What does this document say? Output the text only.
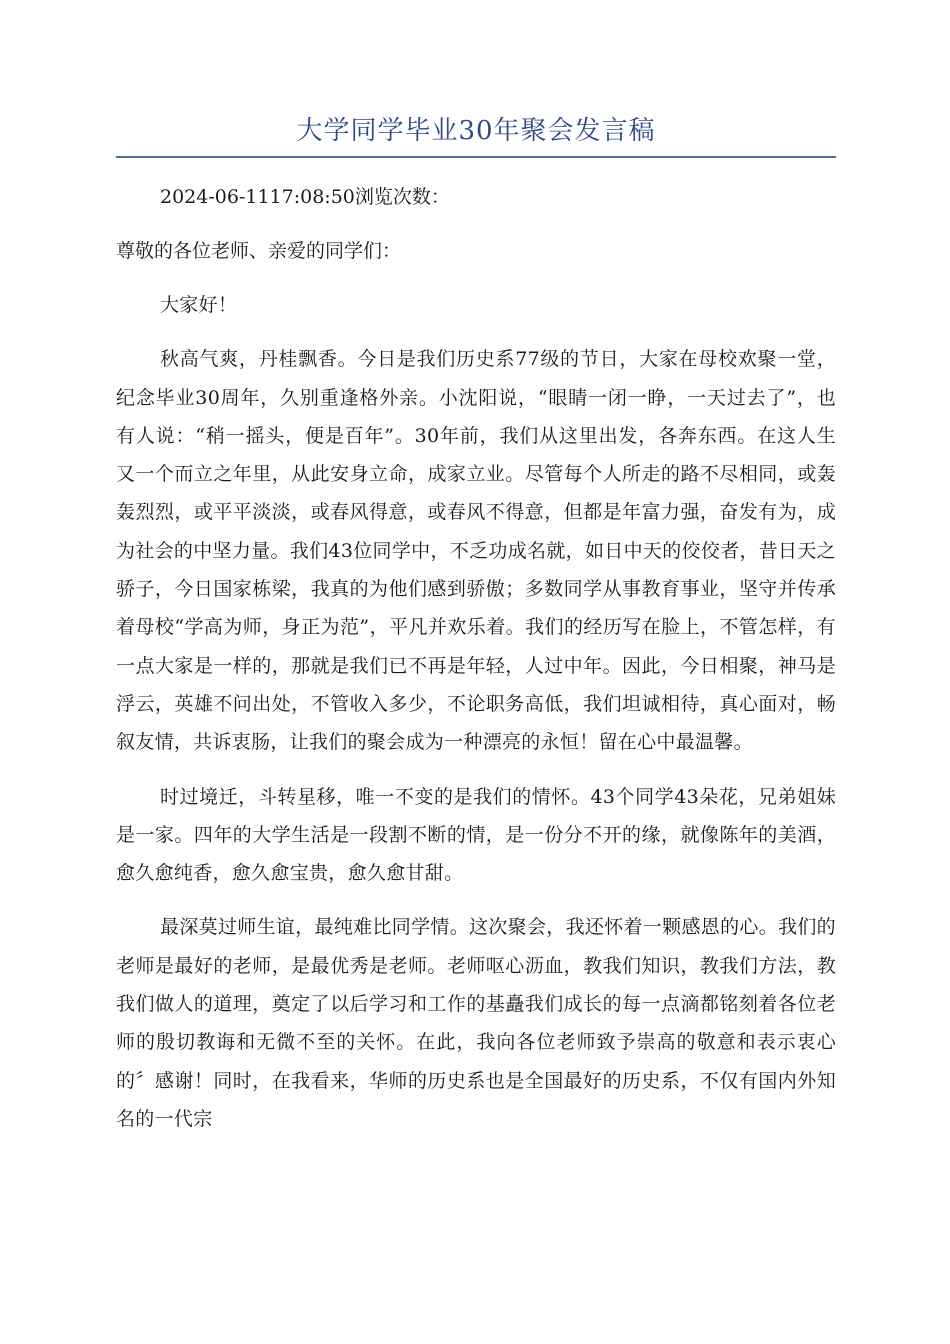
大学同学毕业30年聚会发言稿
2024-06-1117:08:50浏览次数：
尊敬的各位老师、亲爱的同学们：
大家好！
秋高气爽，丹桂飘香。今日是我们历史系77级的节日，大家在母校欢聚一堂，纪念毕业30周年，久别重逢格外亲。小沈阳说，“眼睛一闭一睁，一天过去了”，也有人说：“稍一摇头，便是百年”。30年前，我们从这里出发，各奔东西。在这人生又一个而立之年里，从此安身立命，成家立业。尽管每个人所走的路不尽相同，或轰轰烈烈，或平平淡淡，或春风得意，或春风不得意，但都是年富力强，奋发有为，成为社会的中坚力量。我们43位同学中，不乏功成名就，如日中天的佼佼者，昔日天之骄子，今日国家栋梁，我真的为他们感到骄傲；多数同学从事教育事业，坚守并传承着母校“学高为师，身正为范”，平凡并欢乐着。我们的经历写在脸上，不管怎样，有一点大家是一样的，那就是我们已不再是年轻，人过中年。因此，今日相聚，神马是浮云，英雄不问出处，不管收入多少，不论职务高低，我们坦诚相待，真心面对，畅叙友情，共诉衷肠，让我们的聚会成为一种漂亮的永恒！留在心中最温馨。
时过境迁，斗转星移，唯一不变的是我们的情怀。43个同学43朵花，兄弟姐妹是一家。四年的大学生活是一段割不断的情，是一份分不开的缘，就像陈年的美酒，愈久愈纯香，愈久愈宝贵，愈久愈甘甜。
最深莫过师生谊，最纯难比同学情。这次聚会，我还怀着一颗感恩的心。我们的老师是最好的老师，是最优秀是老师。老师呕心沥血，教我们知识，教我们方法，教我们做人的道理，奠定了以后学习和工作的基矗我们成长的每一点滴都铭刻着各位老师的殷切教诲和无微不至的关怀。在此，我向各位老师致予崇高的敬意和表示衷心的〞感谢！同时，在我看来，华师的历史系也是全国最好的历史系，不仅有国内外知名的一代宗
